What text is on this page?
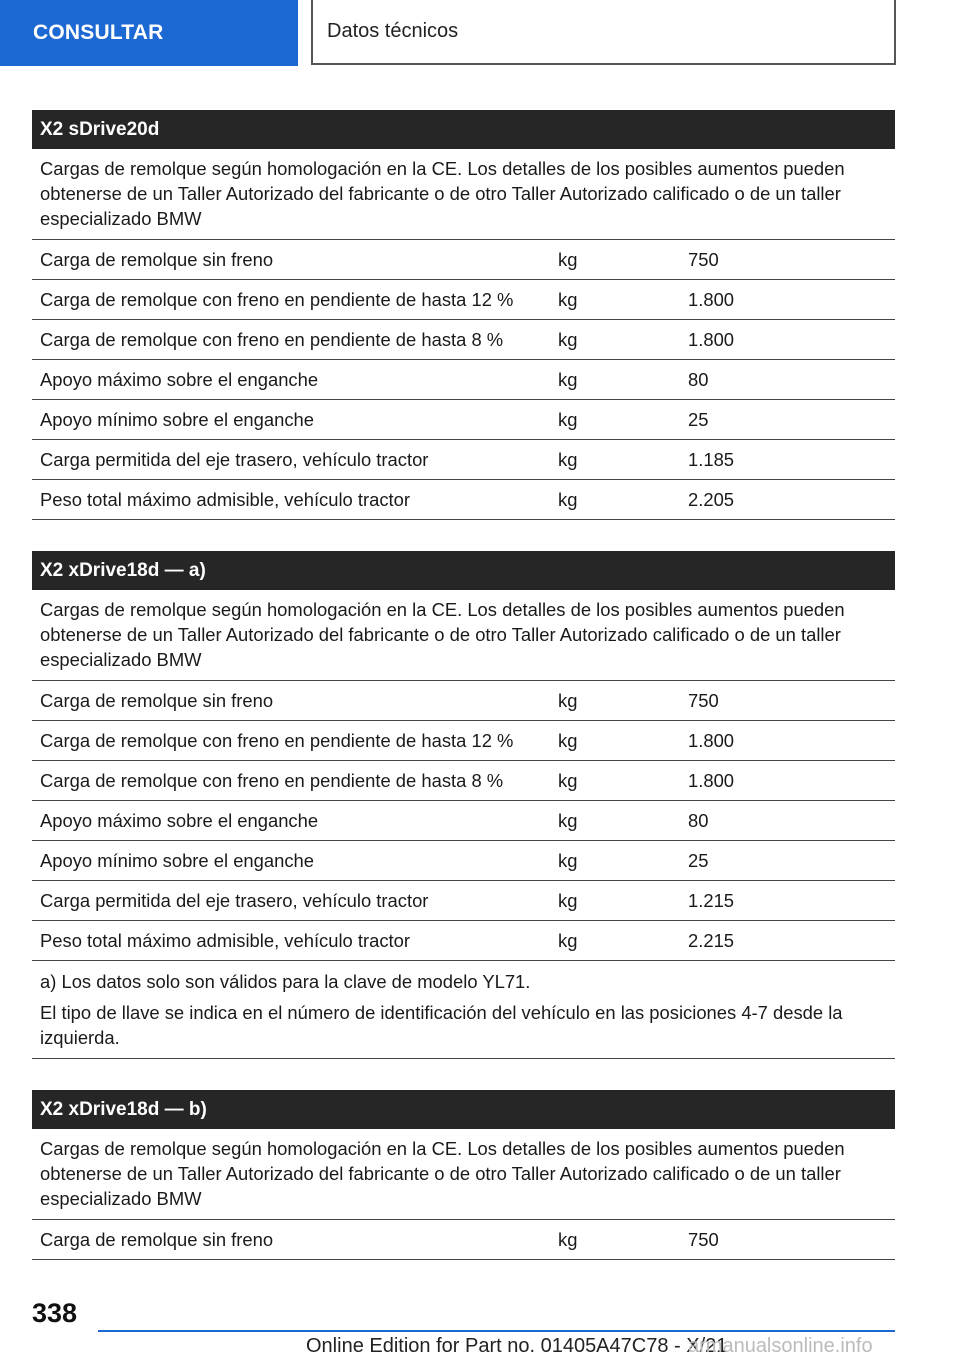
CONSULTAR	Datos técnicos
X2 sDrive20d
Cargas de remolque según homologación en la CE. Los detalles de los posibles aumentos pueden obtenerse de un Taller Autorizado del fabricante o de otro Taller Autorizado calificado o de un taller especializado BMW
Carga de remolque sin freno	kg	750
Carga de remolque con freno en pendiente de hasta 12 %	kg	1.800
Carga de remolque con freno en pendiente de hasta 8 %	kg	1.800
Apoyo máximo sobre el enganche	kg	80
Apoyo mínimo sobre el enganche	kg	25
Carga permitida del eje trasero, vehículo tractor	kg	1.185
Peso total máximo admisible, vehículo tractor	kg	2.205
X2 xDrive18d — a)
Cargas de remolque según homologación en la CE. Los detalles de los posibles aumentos pueden obtenerse de un Taller Autorizado del fabricante o de otro Taller Autorizado calificado o de un taller especializado BMW
Carga de remolque sin freno	kg	750
Carga de remolque con freno en pendiente de hasta 12 %	kg	1.800
Carga de remolque con freno en pendiente de hasta 8 %	kg	1.800
Apoyo máximo sobre el enganche	kg	80
Apoyo mínimo sobre el enganche	kg	25
Carga permitida del eje trasero, vehículo tractor	kg	1.215
Peso total máximo admisible, vehículo tractor	kg	2.215

a) Los datos solo son válidos para la clave de modelo YL71.

El tipo de llave se indica en el número de identificación del vehículo en las posiciones 4-7 desde la izquierda.

X2 xDrive18d — b)
Cargas de remolque según homologación en la CE. Los detalles de los posibles aumentos pueden obtenerse de un Taller Autorizado del fabricante o de otro Taller Autorizado calificado o de un taller especializado BMW
Carga de remolque sin freno	kg	750
338
Online Edition for Part no. 01405A47C78 - X/21
armanualsonline.info
